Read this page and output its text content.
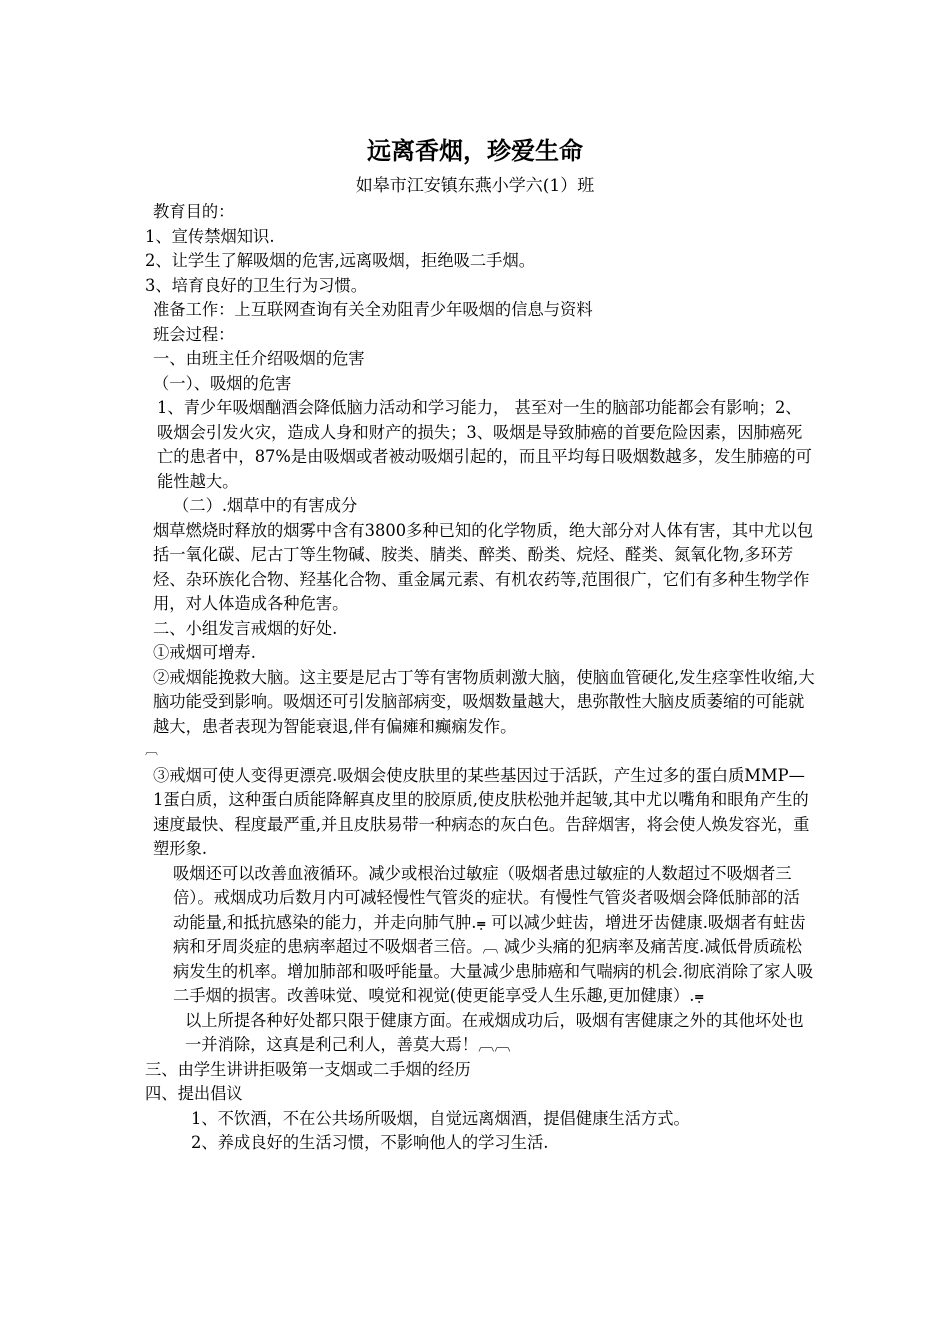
远离香烟，珍爱生命
如皋市江安镇东燕小学六(1）班

教育目的：

1、宣传禁烟知识.

2、让学生了解吸烟的危害,远离吸烟，拒绝吸二手烟。

3、培育良好的卫生行为习惯。

准备工作：上互联网查询有关全劝阻青少年吸烟的信息与资料

班会过程：

一、由班主任介绍吸烟的危害

（一）、吸烟的危害

1、青少年吸烟酗酒会降低脑力活动和学习能力， 甚至对一生的脑部功能都会有影响；2、吸烟会引发火灾，造成人身和财产的损失；3、吸烟是导致肺癌的首要危险因素，因肺癌死亡的患者中，87%是由吸烟或者被动吸烟引起的，而且平均每日吸烟数越多，发生肺癌的可能性越大。

（二）.烟草中的有害成分

烟草燃烧时释放的烟雾中含有3800多种已知的化学物质，绝大部分对人体有害，其中尤以包括一氧化碳、尼古丁等生物碱、胺类、腈类、醉类、酚类、烷烃、醛类、氮氧化物,多环芳烃、杂环族化合物、羟基化合物、重金属元素、有机农药等,范围很广，它们有多种生物学作用，对人体造成各种危害。

二、小组发言戒烟的好处.

①戒烟可增寿.

②戒烟能挽救大脑。这主要是尼古丁等有害物质刺激大脑，使脑血管硬化,发生痉挛性收缩,大脑功能受到影响。吸烟还可引发脑部病变，吸烟数量越大，患弥散性大脑皮质萎缩的可能就越大，患者表现为智能衰退,伴有偏瘫和癫痫发作。

︹

③戒烟可使人变得更漂亮.吸烟会使皮肤里的某些基因过于活跃，产生过多的蛋白质MMP—1蛋白质，这种蛋白质能降解真皮里的胶原质,使皮肤松弛并起皱,其中尤以嘴角和眼角产生的速度最快、程度最严重,并且皮肤易带一种病态的灰白色。告辞烟害，将会使人焕发容光，重塑形象.

吸烟还可以改善血液循环。减少或根治过敏症（吸烟者患过敏症的人数超过不吸烟者三倍）。戒烟成功后数月内可减轻慢性气管炎的症状。有慢性气管炎者吸烟会降低肺部的活动能量,和抵抗感染的能力，并走向肺气肿.⩦ 可以减少蛀齿，增进牙齿健康.吸烟者有蛀齿病和牙周炎症的患病率超过不吸烟者三倍。︹ 减少头痛的犯病率及痛苦度.减低骨质疏松病发生的机率。增加肺部和吸呼能量。大量减少患肺癌和气喘病的机会.彻底消除了家人吸二手烟的损害。改善味觉、嗅觉和视觉(使更能享受人生乐趣,更加健康）.⩦

以上所提各种好处都只限于健康方面。在戒烟成功后，吸烟有害健康之外的其他坏处也一并消除，这真是利己利人，善莫大焉！︹︹

三、由学生讲讲拒吸第一支烟或二手烟的经历

四、提出倡议

1、不饮酒，不在公共场所吸烟，自觉远离烟酒，提倡健康生活方式。

2、养成良好的生活习惯，不影响他人的学习生活.
